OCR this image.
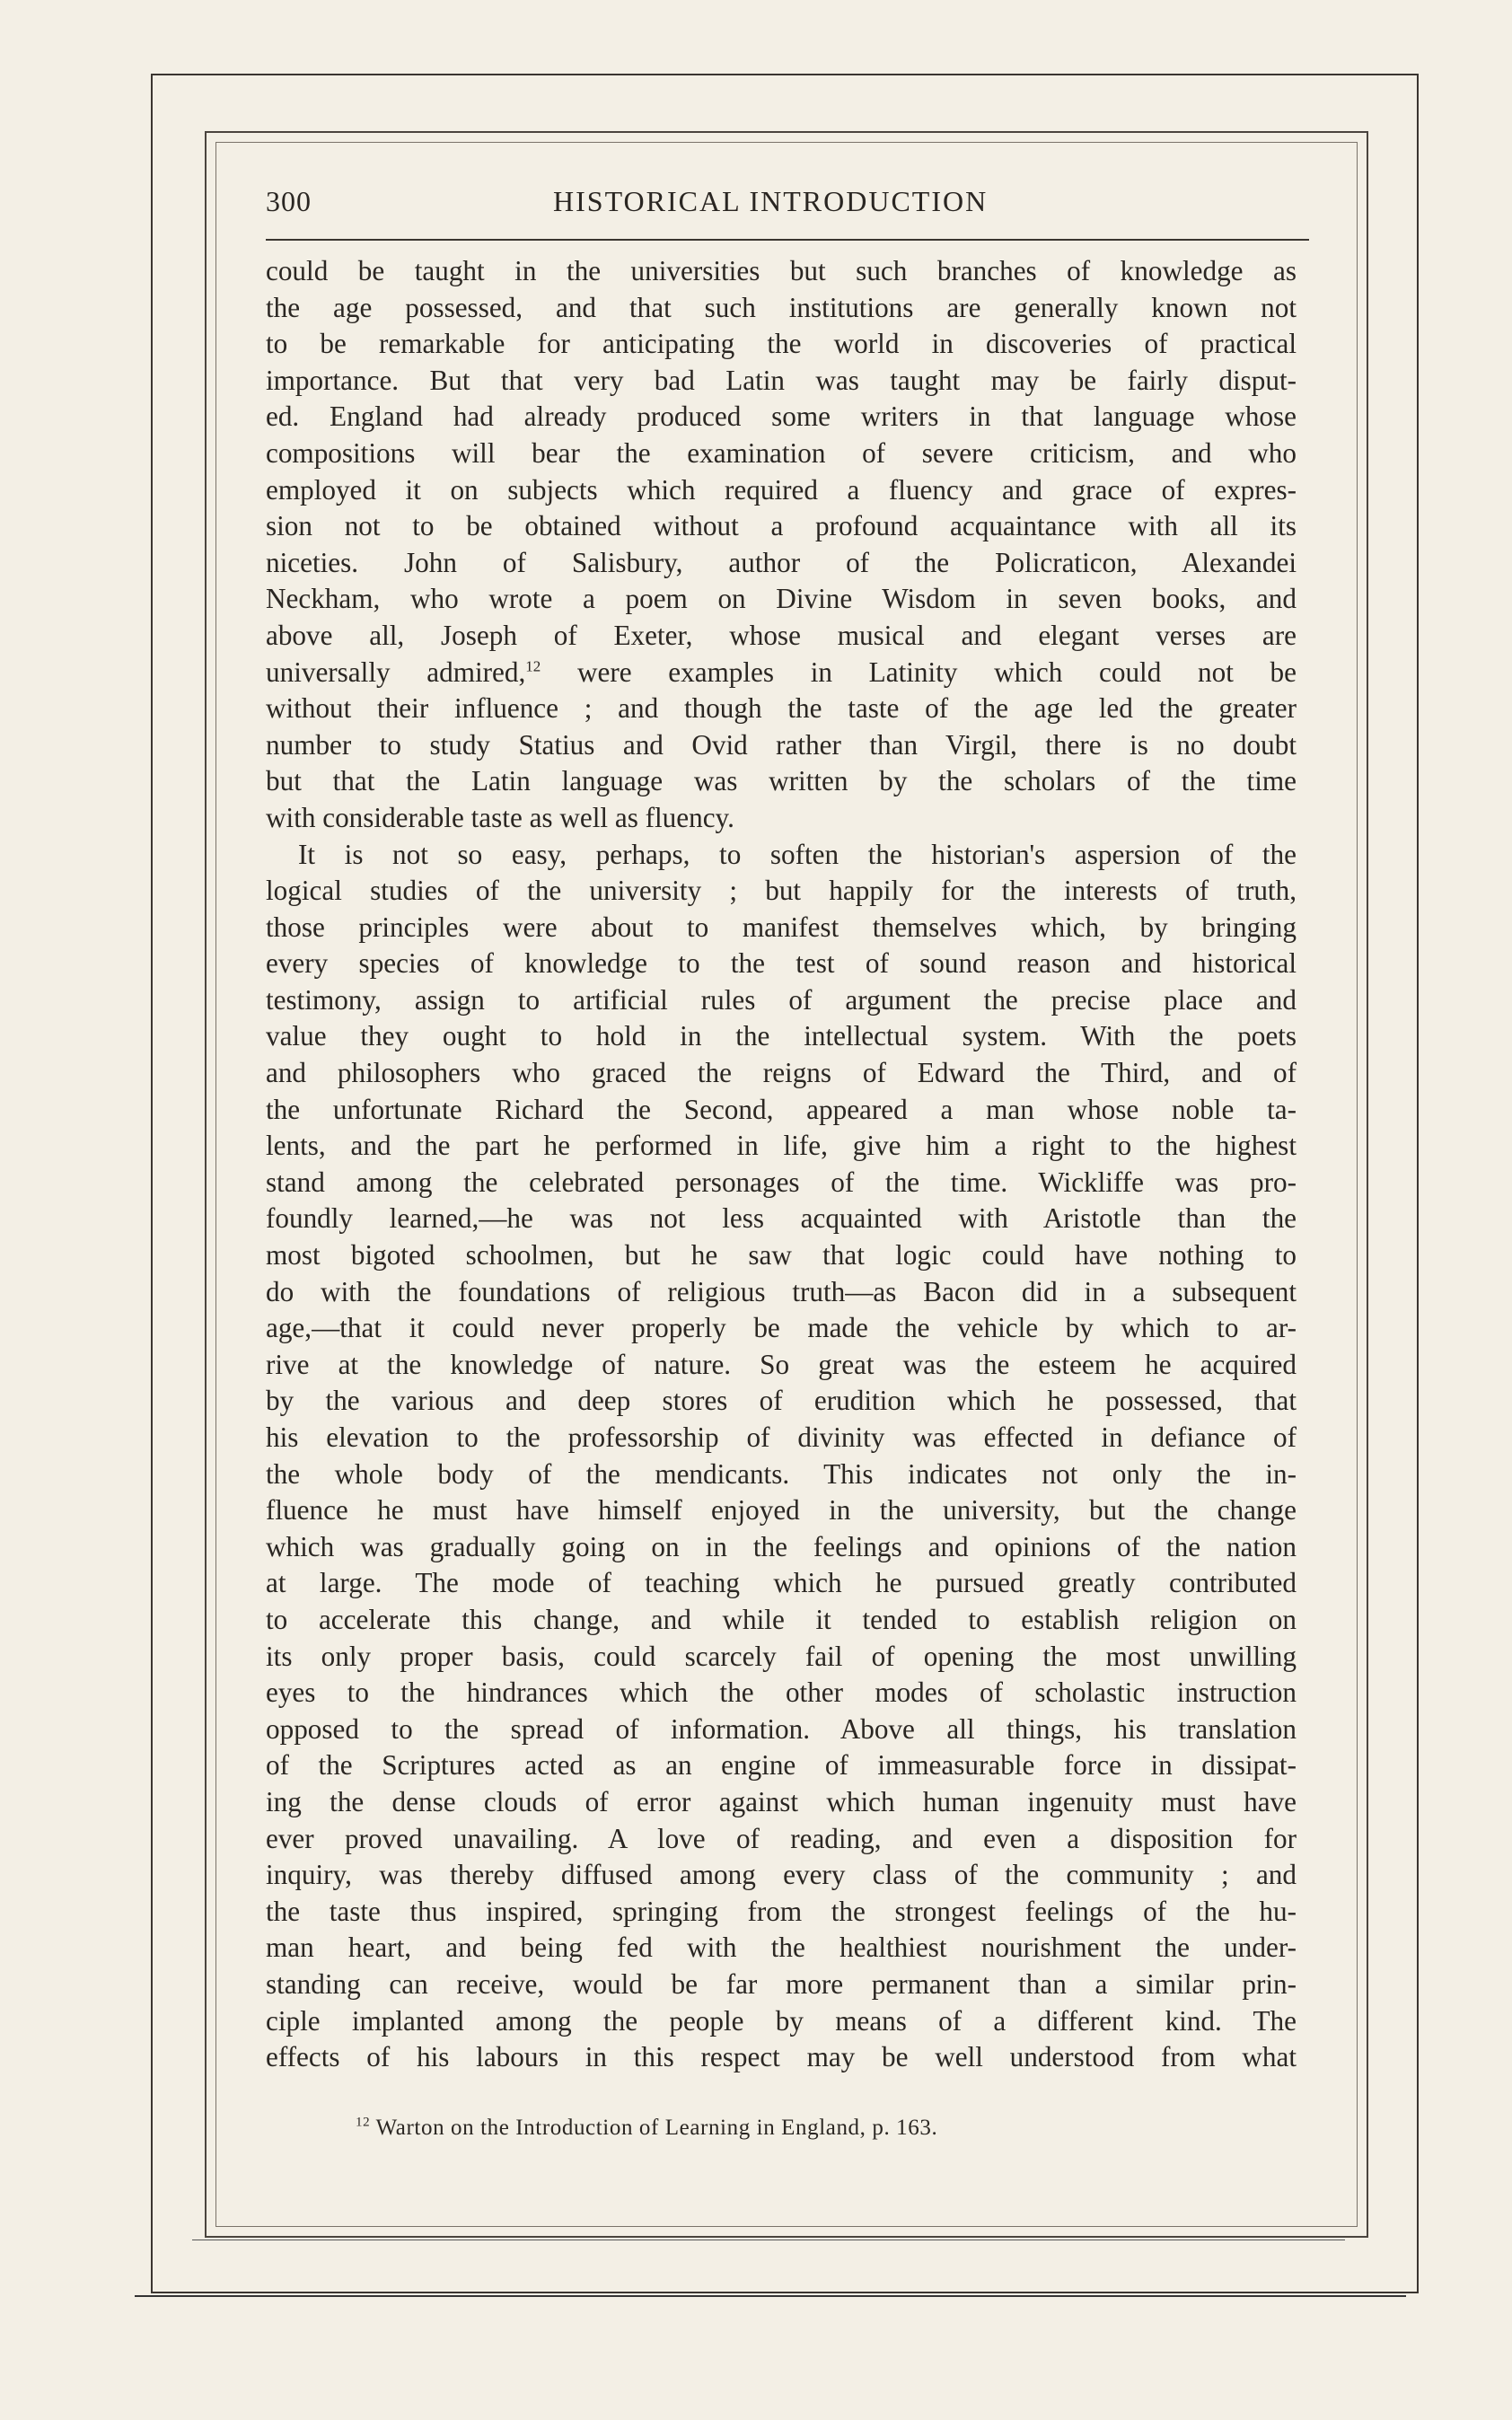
300	HISTORICAL INTRODUCTION
could be taught in the universities but such branches of knowledge as
the age possessed, and that such institutions are generally known not
to be remarkable for anticipating the world in discoveries of practical
importance. But that very bad Latin was taught may be fairly disput-
ed. England had already produced some writers in that language whose
compositions will bear the examination of severe criticism, and who
employed it on subjects which required a fluency and grace of expres-
sion not to be obtained without a profound acquaintance with all its
niceties. John of Salisbury, author of the Policraticon, Alexandei
Neckham, who wrote a poem on Divine Wisdom in seven books, and
above all, Joseph of Exeter, whose musical and elegant verses are
universally admired,$^{12}$ were examples in Latinity which could not be
without their influence ; and though the taste of the age led the greater
number to study Statius and Ovid rather than Virgil, there is no doubt
but that the Latin language was written by the scholars of the time
with considerable taste as well as fluency.
It is not so easy, perhaps, to soften the historian's aspersion of the
logical studies of the university ; but happily for the interests of truth,
those principles were about to manifest themselves which, by bringing
every species of knowledge to the test of sound reason and historical
testimony, assign to artificial rules of argument the precise place and
value they ought to hold in the intellectual system. With the poets
and philosophers who graced the reigns of Edward the Third, and of
the unfortunate Richard the Second, appeared a man whose noble ta-
lents, and the part he performed in life, give him a right to the highest
stand among the celebrated personages of the time. Wickliffe was pro-
foundly learned,—he was not less acquainted with Aristotle than the
most bigoted schoolmen, but he saw that logic could have nothing to
do with the foundations of religious truth—as Bacon did in a subsequent
age,—that it could never properly be made the vehicle by which to ar-
rive at the knowledge of nature. So great was the esteem he acquired
by the various and deep stores of erudition which he possessed, that
his elevation to the professorship of divinity was effected in defiance of
the whole body of the mendicants. This indicates not only the in-
fluence he must have himself enjoyed in the university, but the change
which was gradually going on in the feelings and opinions of the nation
at large. The mode of teaching which he pursued greatly contributed
to accelerate this change, and while it tended to establish religion on
its only proper basis, could scarcely fail of opening the most unwilling
eyes to the hindrances which the other modes of scholastic instruction
opposed to the spread of information. Above all things, his translation
of the Scriptures acted as an engine of immeasurable force in dissipat-
ing the dense clouds of error against which human ingenuity must have
ever proved unavailing. A love of reading, and even a disposition for
inquiry, was thereby diffused among every class of the community ; and
the taste thus inspired, springing from the strongest feelings of the hu-
man heart, and being fed with the healthiest nourishment the under-
standing can receive, would be far more permanent than a similar prin-
ciple implanted among the people by means of a different kind. The
effects of his labours in this respect may be well understood from what
$^{12}$ Warton on the Introduction of Learning in England, p. 163.
